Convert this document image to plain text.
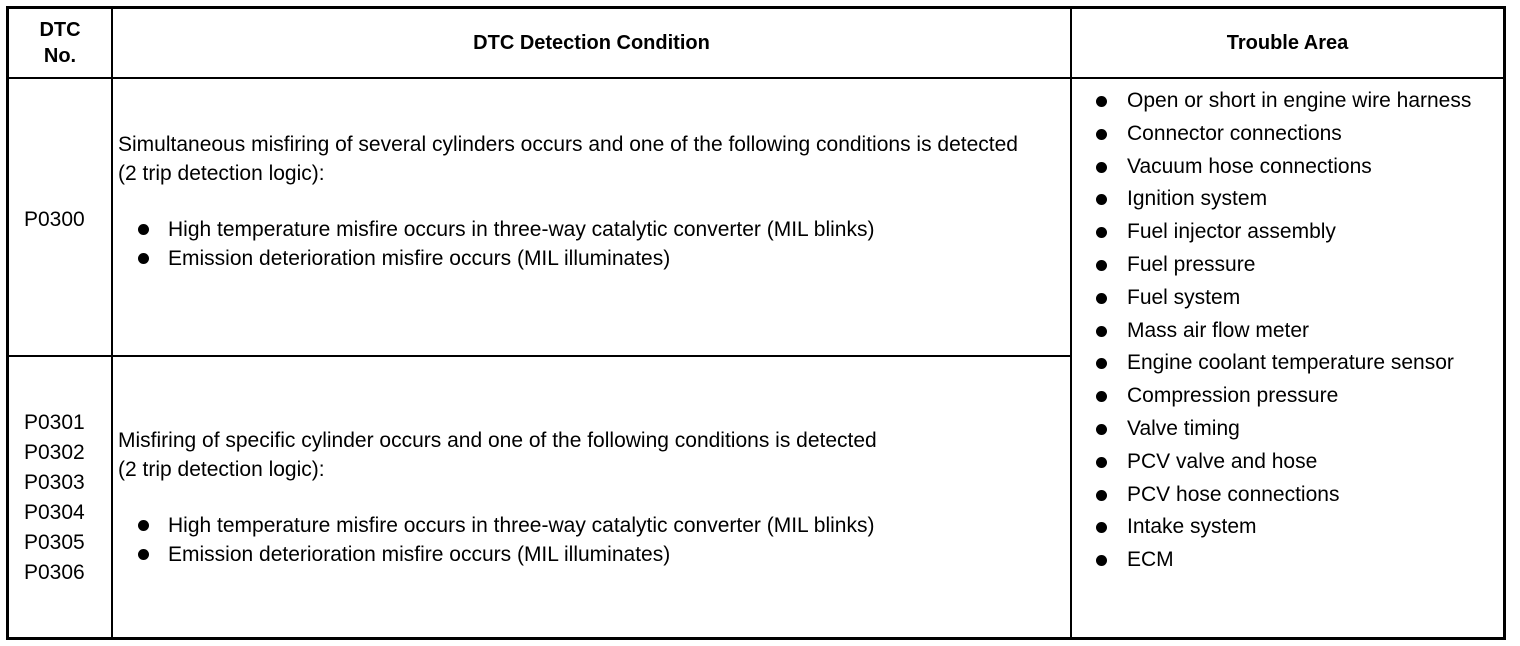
DTC
No.
DTC Detection Condition	Trouble Area
P0300
Simultaneous misfiring of several cylinders occurs and one of the following conditions is detected
(2 trip detection logic):
High temperature misfire occurs in three-way catalytic converter (MIL blinks)
Emission deterioration misfire occurs (MIL illuminates)
P0301
P0302
P0303
P0304
P0305
P0306
Misfiring of specific cylinder occurs and one of the following conditions is detected
(2 trip detection logic):
High temperature misfire occurs in three-way catalytic converter (MIL blinks)
Emission deterioration misfire occurs (MIL illuminates)
Open or short in engine wire harness
Connector connections
Vacuum hose connections
Ignition system
Fuel injector assembly
Fuel pressure
Fuel system
Mass air flow meter
Engine coolant temperature sensor
Compression pressure
Valve timing
PCV valve and hose
PCV hose connections
Intake system
ECM
